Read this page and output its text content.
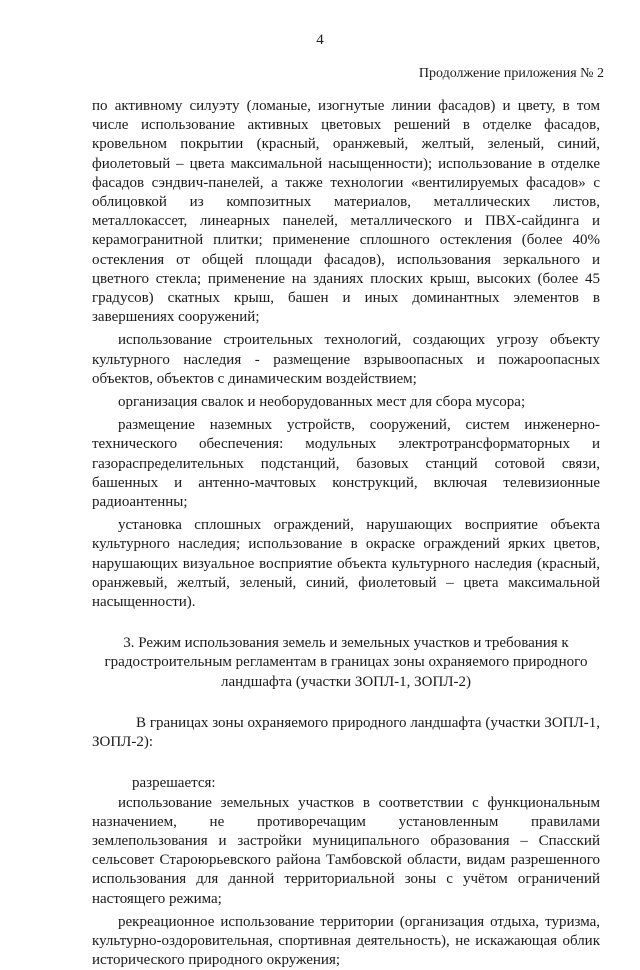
4
Продолжение приложения № 2

по активному силуэту (ломаные, изогнутые линии фасадов) и цвету, в том числе использование активных цветовых решений в отделке фасадов, кровельном покрытии (красный, оранжевый, желтый, зеленый, синий, фиолетовый – цвета максимальной насыщенности); использование в отделке фасадов сэндвич-панелей, а также технологии «вентилируемых фасадов» с облицовкой из композитных материалов, металлических листов, металлокассет, линеарных панелей, металлического и ПВХ-сайдинга и керамогранитной плитки; применение сплошного остекления (более 40% остекления от общей площади фасадов), использования зеркального и цветного стекла; применение на зданиях плоских крыш, высоких (более 45 градусов) скатных крыш, башен и иных доминантных элементов в завершениях сооружений;

использование строительных технологий, создающих угрозу объекту культурного наследия - размещение взрывоопасных и пожароопасных объектов, объектов с динамическим воздействием;

организация свалок и необорудованных мест для сбора мусора;

размещение наземных устройств, сооружений, систем инженерно-технического обеспечения: модульных электротрансформаторных и газораспределительных подстанций, базовых станций сотовой связи, башенных и антенно-мачтовых конструкций, включая телевизионные радиоантенны;

установка сплошных ограждений, нарушающих восприятие объекта культурного наследия; использование в окраске ограждений ярких цветов, нарушающих визуальное восприятие объекта культурного наследия (красный, оранжевый, желтый, зеленый, синий, фиолетовый – цвета максимальной насыщенности).

3. Режим использования земель и земельных участков и требования к градостроительным регламентам в границах зоны охраняемого природного ландшафта (участки ЗОПЛ-1, ЗОПЛ-2)

В границах зоны охраняемого природного ландшафта (участки ЗОПЛ-1, ЗОПЛ-2):

разрешается:

использование земельных участков в соответствии с функциональным назначением, не противоречащим установленным правилами землепользования и застройки муниципального образования – Спасский сельсовет Староюрьевского района Тамбовской области, видам разрешенного использования для данной территориальной зоны с учётом ограничений настоящего режима;

рекреационное использование территории (организация отдыха, туризма, культурно-оздоровительная, спортивная деятельность), не искажающая облик исторического природного окружения;
